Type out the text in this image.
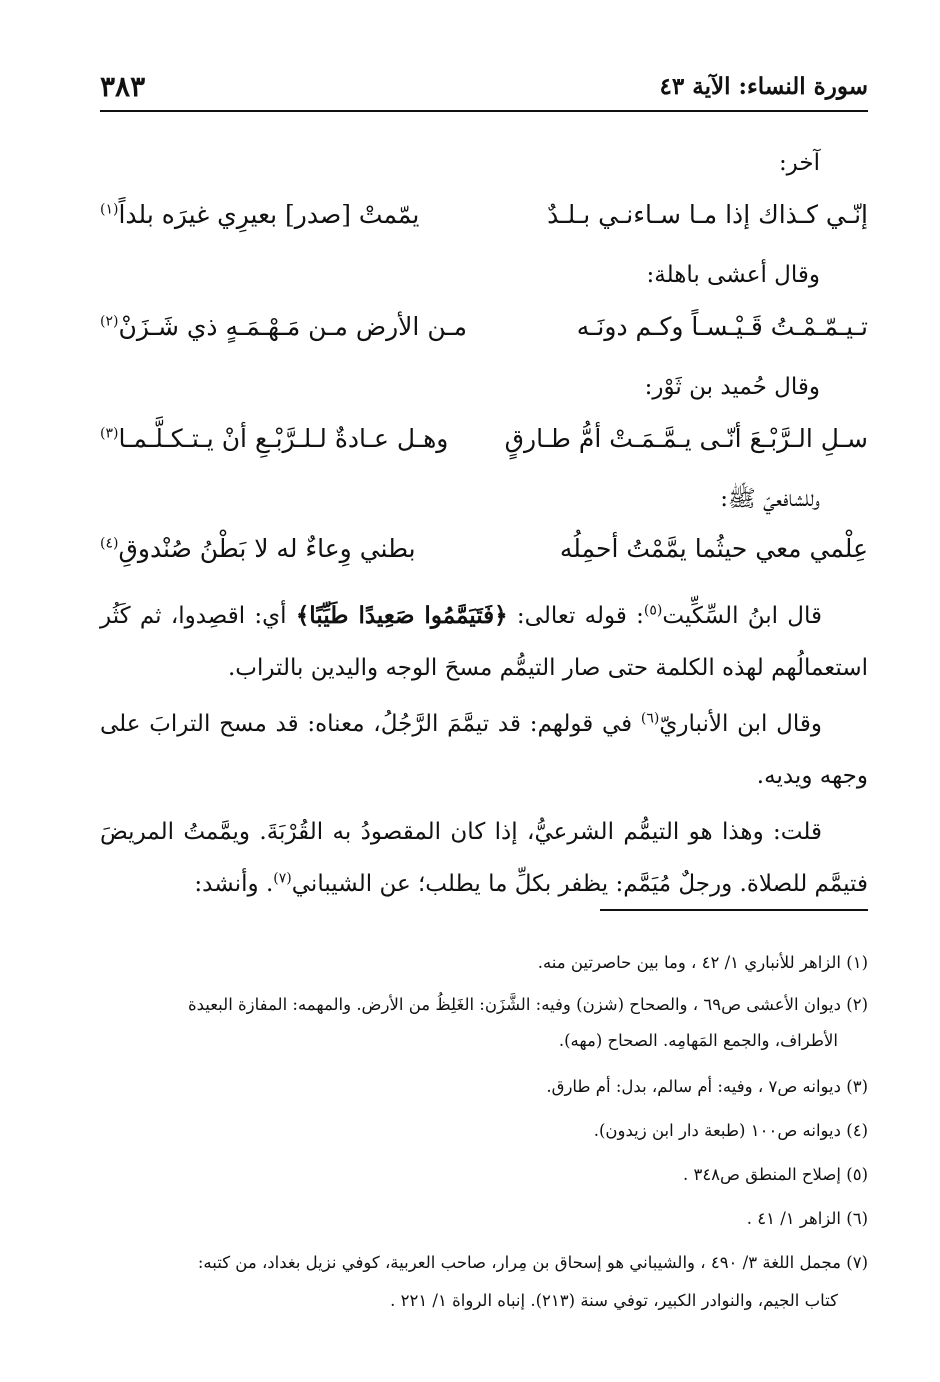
سورة النساء: الآية ٤٣
٣٨٣
آخر:
إنّـي كـذاك إذا مـا سـاءنـي بـلـدٌ
يمّمتْ [صدر] بعيرِي غيرَه بلداً$^{(١)}$
وقال أعشى باهلة:
تـيـمّـمْـتُ قَـيْـسـاً وكـم دونَـه
مـن الأرض مـن مَـهْـمَـهٍ ذي شَـزَنْ$^{(٢)}$
وقال حُميد بن ثَوْر:
سـلِ الـرَّبْـعَ أنّـى يـمَّـمَـتْ أمُّ طـارقٍ
وهـل عـادةٌ لـلـرَّبْـعِ أنْ يـتـكـلَّـمـا$^{(٣)}$
وللشافعيّ ﷺ:
عِلْمي معي حيثُما يمَّمْتُ أحمِلُه
بطني وِعاءٌ له لا بَطْنُ صُنْدوقِ$^{(٤)}$
قال ابنُ السِّكِّيت$^{(٥)}$: قوله تعالى: ﴿فَتَيَمَّمُوا صَعِيدًا طَيِّبًا﴾ أي: اقصِدوا، ثم كَثُر استعمالُهم لهذه الكلمة حتى صار التيمُّم مسحَ الوجه واليدين بالتراب.
وقال ابن الأنباريّ$^{(٦)}$ في قولهم: قد تيمَّمَ الرَّجُلُ، معناه: قد مسح الترابَ على وجهه ويديه.
قلت: وهذا هو التيمُّم الشرعيُّ، إذا كان المقصودُ به القُرْبَةَ. ويمَّمتُ المريضَ فتيمَّم للصلاة. ورجلٌ مُيَمَّم: يظفر بكلِّ ما يطلب؛ عن الشيباني$^{(٧)}$. وأنشد:
(١) الزاهر للأنباري ١/ ٤٢ ، وما بين حاصرتين منه.
(٢) ديوان الأعشى ص٦٩ ، والصحاح (شزن) وفيه: الشَّزَن: الغَلِظُ من الأرض. والمهمه: المفازة البعيدة
الأطراف، والجمع المَهامِه. الصحاح (مهه).
(٣) ديوانه ص٧ ، وفيه: أم سالم، بدل: أم طارق.
(٤) ديوانه ص١٠٠ (طبعة دار ابن زيدون).
(٥) إصلاح المنطق ص٣٤٨ .
(٦) الزاهر ١/ ٤١ .
(٧) مجمل اللغة ٣/ ٤٩٠ ، والشيباني هو إسحاق بن مِرار، صاحب العربية، كوفي نزيل بغداد، من كتبه:
كتاب الجيم، والنوادر الكبير، توفي سنة (٢١٣). إنباه الرواة ١/ ٢٢١ .
